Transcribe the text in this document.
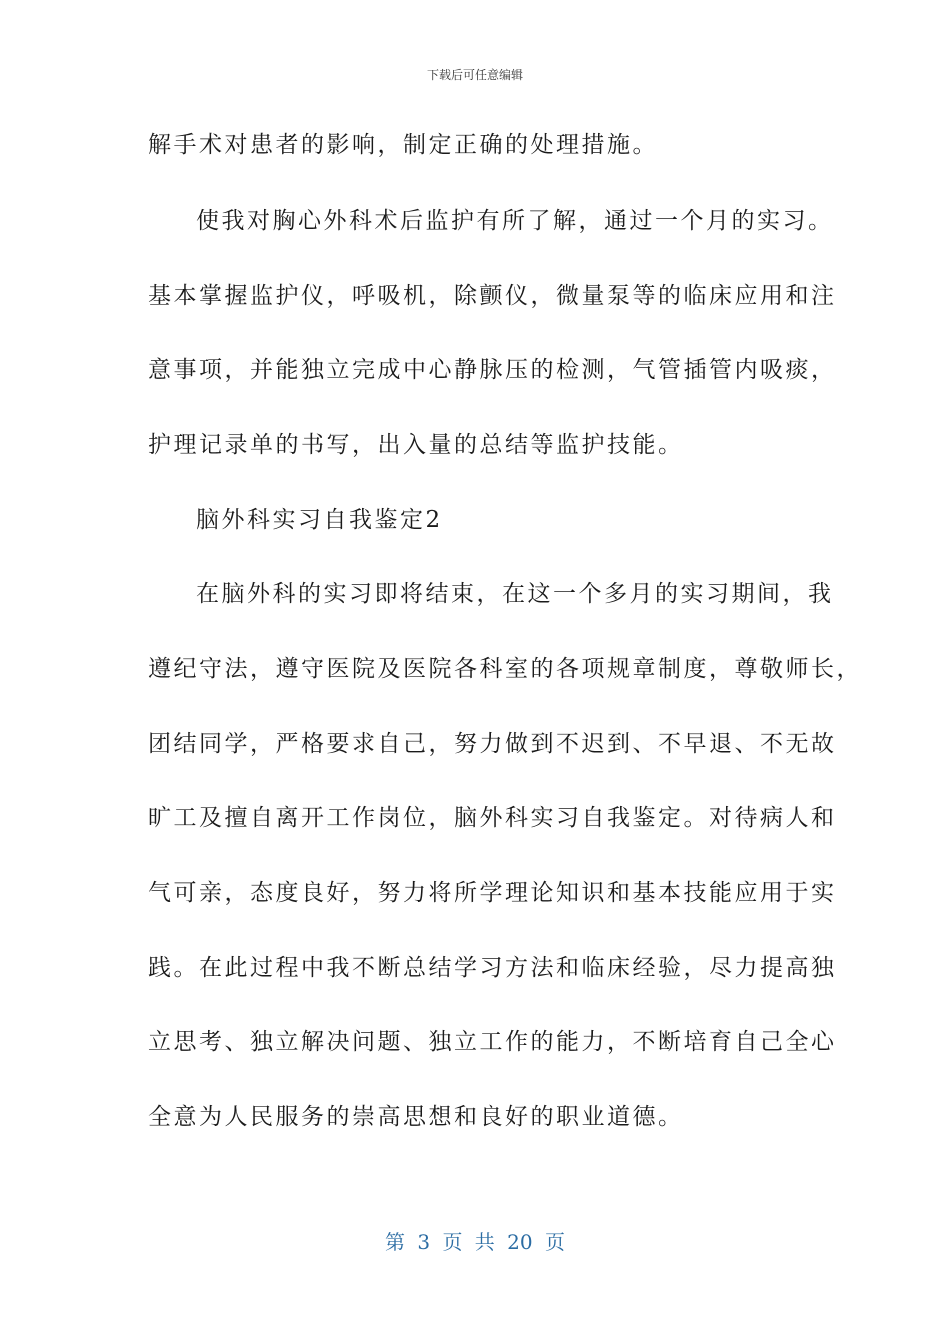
下载后可任意编辑
解手术对患者的影响，制定正确的处理措施。
使我对胸心外科术后监护有所了解，通过一个月的实习。
基本掌握监护仪，呼吸机，除颤仪，微量泵等的临床应用和注
意事项，并能独立完成中心静脉压的检测，气管插管内吸痰，
护理记录单的书写，出入量的总结等监护技能。
脑外科实习自我鉴定2
在脑外科的实习即将结束，在这一个多月的实习期间，我
遵纪守法，遵守医院及医院各科室的各项规章制度，尊敬师长，
团结同学，严格要求自己，努力做到不迟到、不早退、不无故
旷工及擅自离开工作岗位，脑外科实习自我鉴定。对待病人和
气可亲，态度良好，努力将所学理论知识和基本技能应用于实
践。在此过程中我不断总结学习方法和临床经验，尽力提高独
立思考、独立解决问题、独立工作的能力，不断培育自己全心
全意为人民服务的崇高思想和良好的职业道德。
第 3 页 共 20 页
